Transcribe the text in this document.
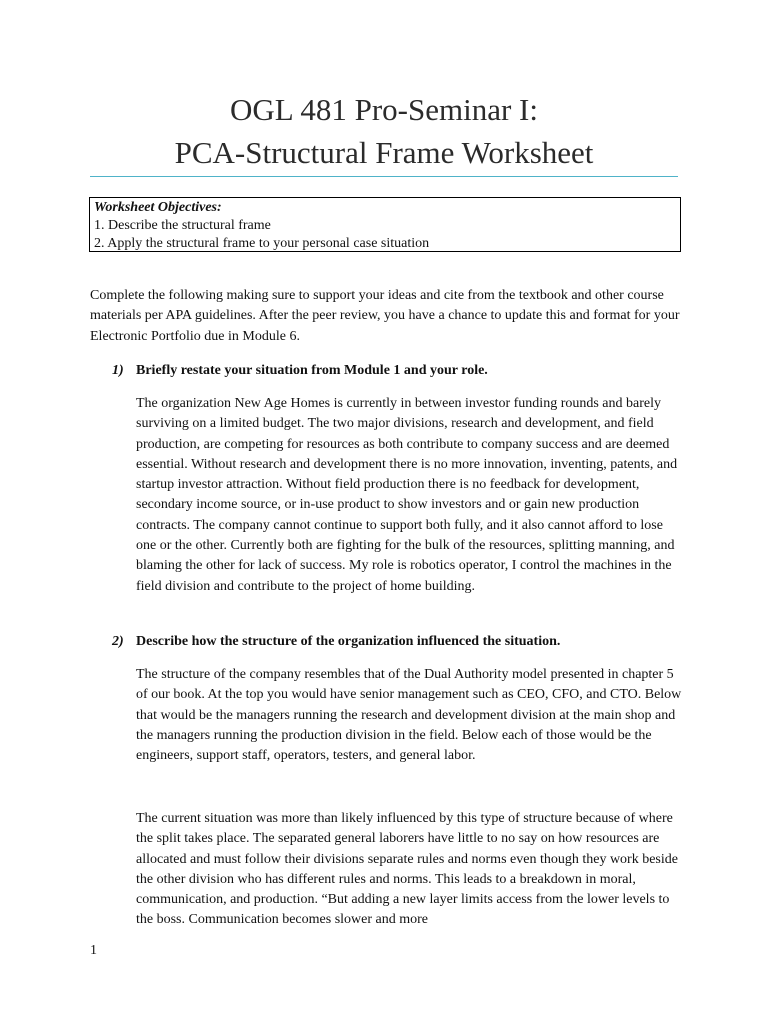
OGL 481 Pro-Seminar I:
PCA-Structural Frame Worksheet
Worksheet Objectives:
1. Describe the structural frame
2. Apply the structural frame to your personal case situation

Complete the following making sure to support your ideas and cite from the textbook and other course materials per APA guidelines. After the peer review, you have a chance to update this and format for your Electronic Portfolio due in Module 6.

1) Briefly restate your situation from Module 1 and your role.

The organization New Age Homes is currently in between investor funding rounds and barely surviving on a limited budget. The two major divisions, research and development, and field production, are competing for resources as both contribute to company success and are deemed essential. Without research and development there is no more innovation, inventing, patents, and startup investor attraction. Without field production there is no feedback for development, secondary income source, or in-use product to show investors and or gain new production contracts. The company cannot continue to support both fully, and it also cannot afford to lose one or the other. Currently both are fighting for the bulk of the resources, splitting manning, and blaming the other for lack of success. My role is robotics operator, I control the machines in the field division and contribute to the project of home building.

2) Describe how the structure of the organization influenced the situation.

The structure of the company resembles that of the Dual Authority model presented in chapter 5 of our book. At the top you would have senior management such as CEO, CFO, and CTO. Below that would be the managers running the research and development division at the main shop and the managers running the production division in the field. Below each of those would be the engineers, support staff, operators, testers, and general labor.

The current situation was more than likely influenced by this type of structure because of where the split takes place. The separated general laborers have little to no say on how resources are allocated and must follow their divisions separate rules and norms even though they work beside the other division who has different rules and norms. This leads to a breakdown in moral, communication, and production. “But adding a new layer limits access from the lower levels to the boss. Communication becomes slower and more

1
